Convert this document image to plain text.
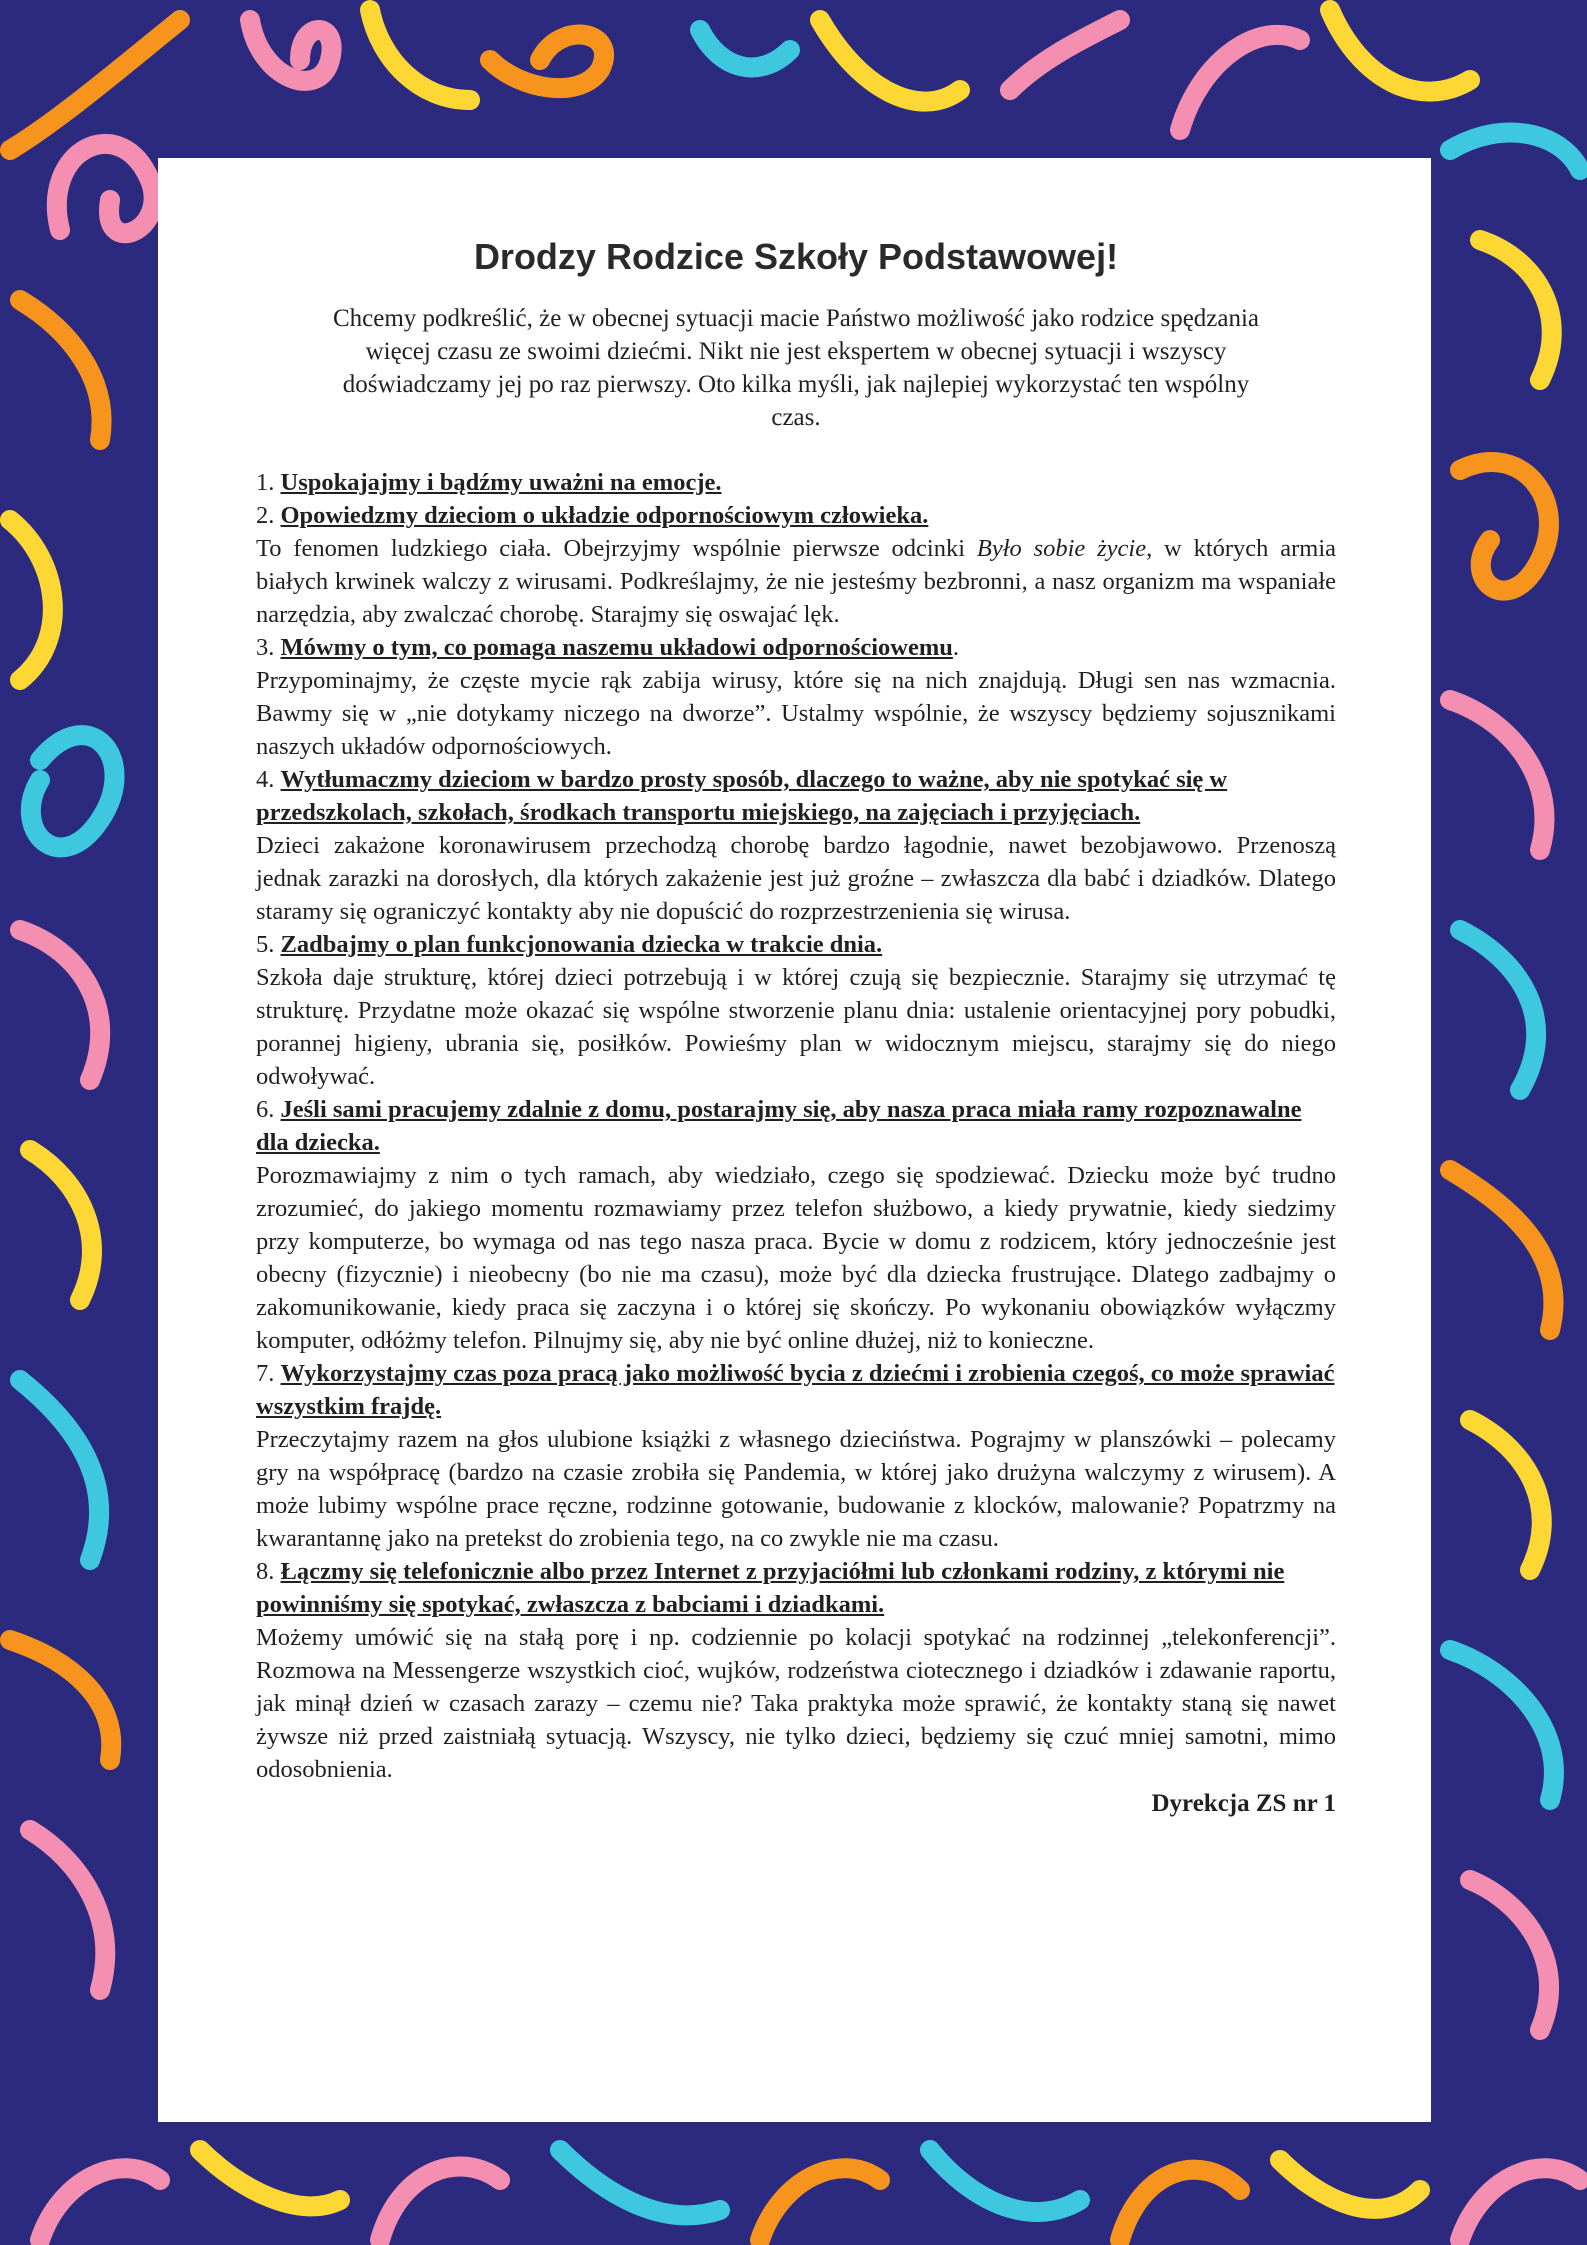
Drodzy Rodzice Szkoły Podstawowej!

Chcemy podkreślić, że w obecnej sytuacji macie Państwo możliwość jako rodzice spędzania więcej czasu ze swoimi dziećmi. Nikt nie jest ekspertem w obecnej sytuacji i wszyscy doświadczamy jej po raz pierwszy. Oto kilka myśli, jak najlepiej wykorzystać ten wspólny czas.

1. Uspokajajmy i bądźmy uważni na emocje.

2. Opowiedzmy dzieciom o układzie odpornościowym człowieka.

To fenomen ludzkiego ciała. Obejrzyjmy wspólnie pierwsze odcinki Było sobie życie, w których armia białych krwinek walczy z wirusami. Podkreślajmy, że nie jesteśmy bezbronni, a nasz organizm ma wspaniałe narzędzia, aby zwalczać chorobę. Starajmy się oswajać lęk.

3. Mówmy o tym, co pomaga naszemu układowi odpornościowemu.

Przypominajmy, że częste mycie rąk zabija wirusy, które się na nich znajdują. Długi sen nas wzmacnia. Bawmy się w „nie dotykamy niczego na dworze”. Ustalmy wspólnie, że wszyscy będziemy sojusznikami naszych układów odpornościowych.

4. Wytłumaczmy dzieciom w bardzo prosty sposób, dlaczego to ważne, aby nie spotykać się w przedszkolach, szkołach, środkach transportu miejskiego, na zajęciach i przyjęciach.

Dzieci zakażone koronawirusem przechodzą chorobę bardzo łagodnie, nawet bezobjawowo. Przenoszą jednak zarazki na dorosłych, dla których zakażenie jest już groźne – zwłaszcza dla babć i dziadków. Dlatego staramy się ograniczyć kontakty aby nie dopuścić do rozprzestrzenienia się wirusa.

5. Zadbajmy o plan funkcjonowania dziecka w trakcie dnia.

Szkoła daje strukturę, której dzieci potrzebują i w której czują się bezpiecznie. Starajmy się utrzymać tę strukturę. Przydatne może okazać się wspólne stworzenie planu dnia: ustalenie orientacyjnej pory pobudki, porannej higieny, ubrania się, posiłków. Powieśmy plan w widocznym miejscu, starajmy się do niego odwoływać.

6. Jeśli sami pracujemy zdalnie z domu, postarajmy się, aby nasza praca miała ramy rozpoznawalne dla dziecka.

Porozmawiajmy z nim o tych ramach, aby wiedziało, czego się spodziewać. Dziecku może być trudno zrozumieć, do jakiego momentu rozmawiamy przez telefon służbowo, a kiedy prywatnie, kiedy siedzimy przy komputerze, bo wymaga od nas tego nasza praca. Bycie w domu z rodzicem, który jednocześnie jest obecny (fizycznie) i nieobecny (bo nie ma czasu), może być dla dziecka frustrujące. Dlatego zadbajmy o zakomunikowanie, kiedy praca się zaczyna i o której się skończy. Po wykonaniu obowiązków wyłączmy komputer, odłóżmy telefon. Pilnujmy się, aby nie być online dłużej, niż to konieczne.

7. Wykorzystajmy czas poza pracą jako możliwość bycia z dziećmi i zrobienia czegoś, co może sprawiać wszystkim frajdę.

Przeczytajmy razem na głos ulubione książki z własnego dzieciństwa. Pograjmy w planszówki – polecamy gry na współpracę (bardzo na czasie zrobiła się Pandemia, w której jako drużyna walczymy z wirusem). A może lubimy wspólne prace ręczne, rodzinne gotowanie, budowanie z klocków, malowanie? Popatrzmy na kwarantannę jako na pretekst do zrobienia tego, na co zwykle nie ma czasu.

8. Łączmy się telefonicznie albo przez Internet z przyjaciółmi lub członkami rodziny, z którymi nie powinniśmy się spotykać, zwłaszcza z babciami i dziadkami.

Możemy umówić się na stałą porę i np. codziennie po kolacji spotykać na rodzinnej „telekonferencji”. Rozmowa na Messengerze wszystkich cioć, wujków, rodzeństwa ciotecznego i dziadków i zdawanie raportu, jak minął dzień w czasach zarazy – czemu nie? Taka praktyka może sprawić, że kontakty staną się nawet żywsze niż przed zaistniałą sytuacją. Wszyscy, nie tylko dzieci, będziemy się czuć mniej samotni, mimo odosobnienia.

Dyrekcja ZS nr 1
